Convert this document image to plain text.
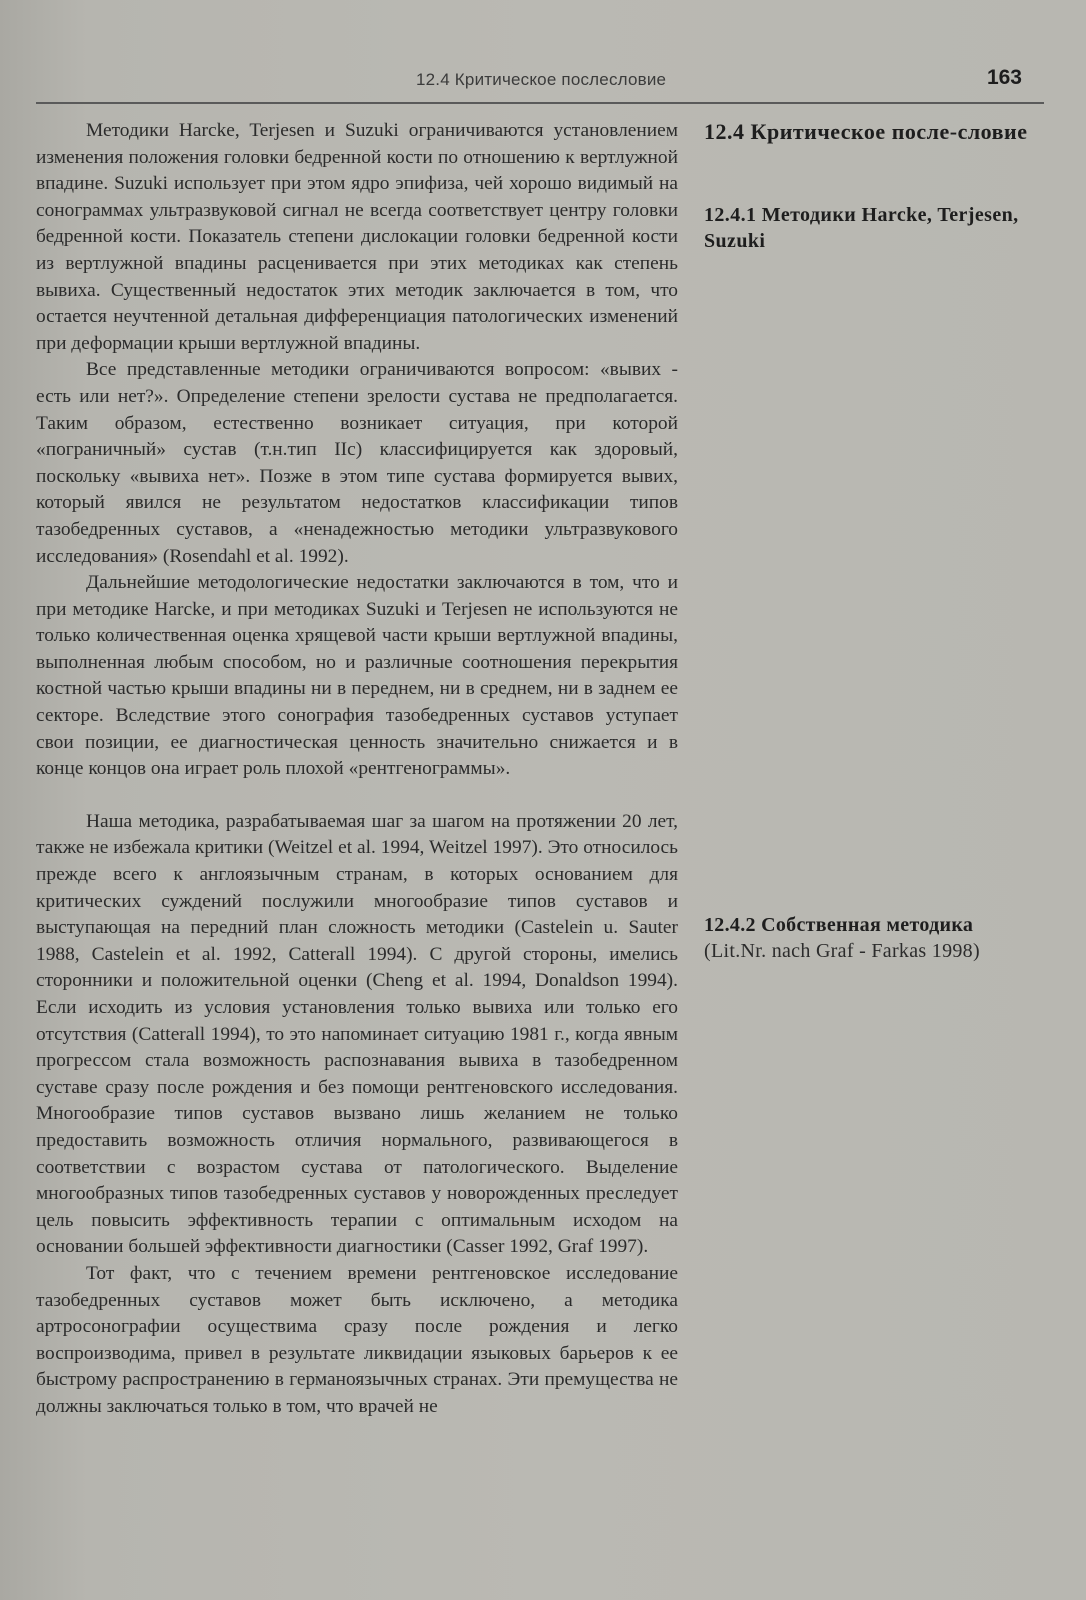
12.4 Критическое послесловие	163

Методики Harcke, Terjesen и Suzuki ограничиваются установлением изменения положения головки бедренной кости по отношению к вертлужной впадине. Suzuki использует при этом ядро эпифиза, чей хорошо видимый на сонограммах ультразвуковой сигнал не всегда соответствует центру головки бедренной кости. Показатель степени дислокации головки бедренной кости из вертлужной впадины расценивается при этих методиках как степень вывиха. Существенный недостаток этих методик заключается в том, что остается неучтенной детальная дифференциация патологических изменений при деформации крыши вертлужной впадины.

Все представленные методики ограничиваются вопросом: «вывих - есть или нет?». Определение степени зрелости сустава не предполагается. Таким образом, естественно возникает ситуация, при которой «пограничный» сустав (т.н.тип IIc) классифицируется как здоровый, поскольку «вывиха нет». Позже в этом типе сустава формируется вывих, который явился не результатом недостатков классификации типов тазобедренных суставов, а «ненадежностью методики ультразвукового исследования» (Rosendahl et al. 1992).

Дальнейшие методологические недостатки заключаются в том, что и при методике Harcke, и при методиках Suzuki и Terjesen не используются не только количественная оценка хрящевой части крыши вертлужной впадины, выполненная любым способом, но и различные соотношения перекрытия костной частью крыши впадины ни в переднем, ни в среднем, ни в заднем ее секторе. Вследствие этого сонография тазобедренных суставов уступает свои позиции, ее диагностическая ценность значительно снижается и в конце концов она играет роль плохой «рентгенограммы».

Наша методика, разрабатываемая шаг за шагом на протяжении 20 лет, также не избежала критики (Weitzel et al. 1994, Weitzel 1997). Это относилось прежде всего к англоязычным странам, в которых основанием для критических суждений послужили многообразие типов суставов и выступающая на передний план сложность методики (Castelein u. Sauter 1988, Castelein et al. 1992, Catterall 1994). С другой стороны, имелись сторонники и положительной оценки (Cheng et al. 1994, Donaldson 1994). Если исходить из условия установления только вывиха или только его отсутствия (Catterall 1994), то это напоминает ситуацию 1981 г., когда явным прогрессом стала возможность распознавания вывиха в тазобедренном суставе сразу после рождения и без помощи рентгеновского исследования. Многообразие типов суставов вызвано лишь желанием не только предоставить возможность отличия нормального, развивающегося в соответствии с возрастом сустава от патологического. Выделение многообразных типов тазобедренных суставов у новорожденных преследует цель повысить эффективность терапии с оптимальным исходом на основании большей эффективности диагностики (Casser 1992, Graf 1997).

Тот факт, что с течением времени рентгеновское исследование тазобедренных суставов может быть исключено, а методика артросонографии осуществима сразу после рождения и легко воспроизводима, привел в результате ликвидации языковых барьеров к ее быстрому распространению в германоязычных странах. Эти премущества не должны заключаться только в том, что врачей не

12.4 Критическое после-словие
12.4.1 Методики Harcke, Terjesen, Suzuki
12.4.2 Собственная методика
(Lit.Nr. nach Graf - Farkas 1998)
